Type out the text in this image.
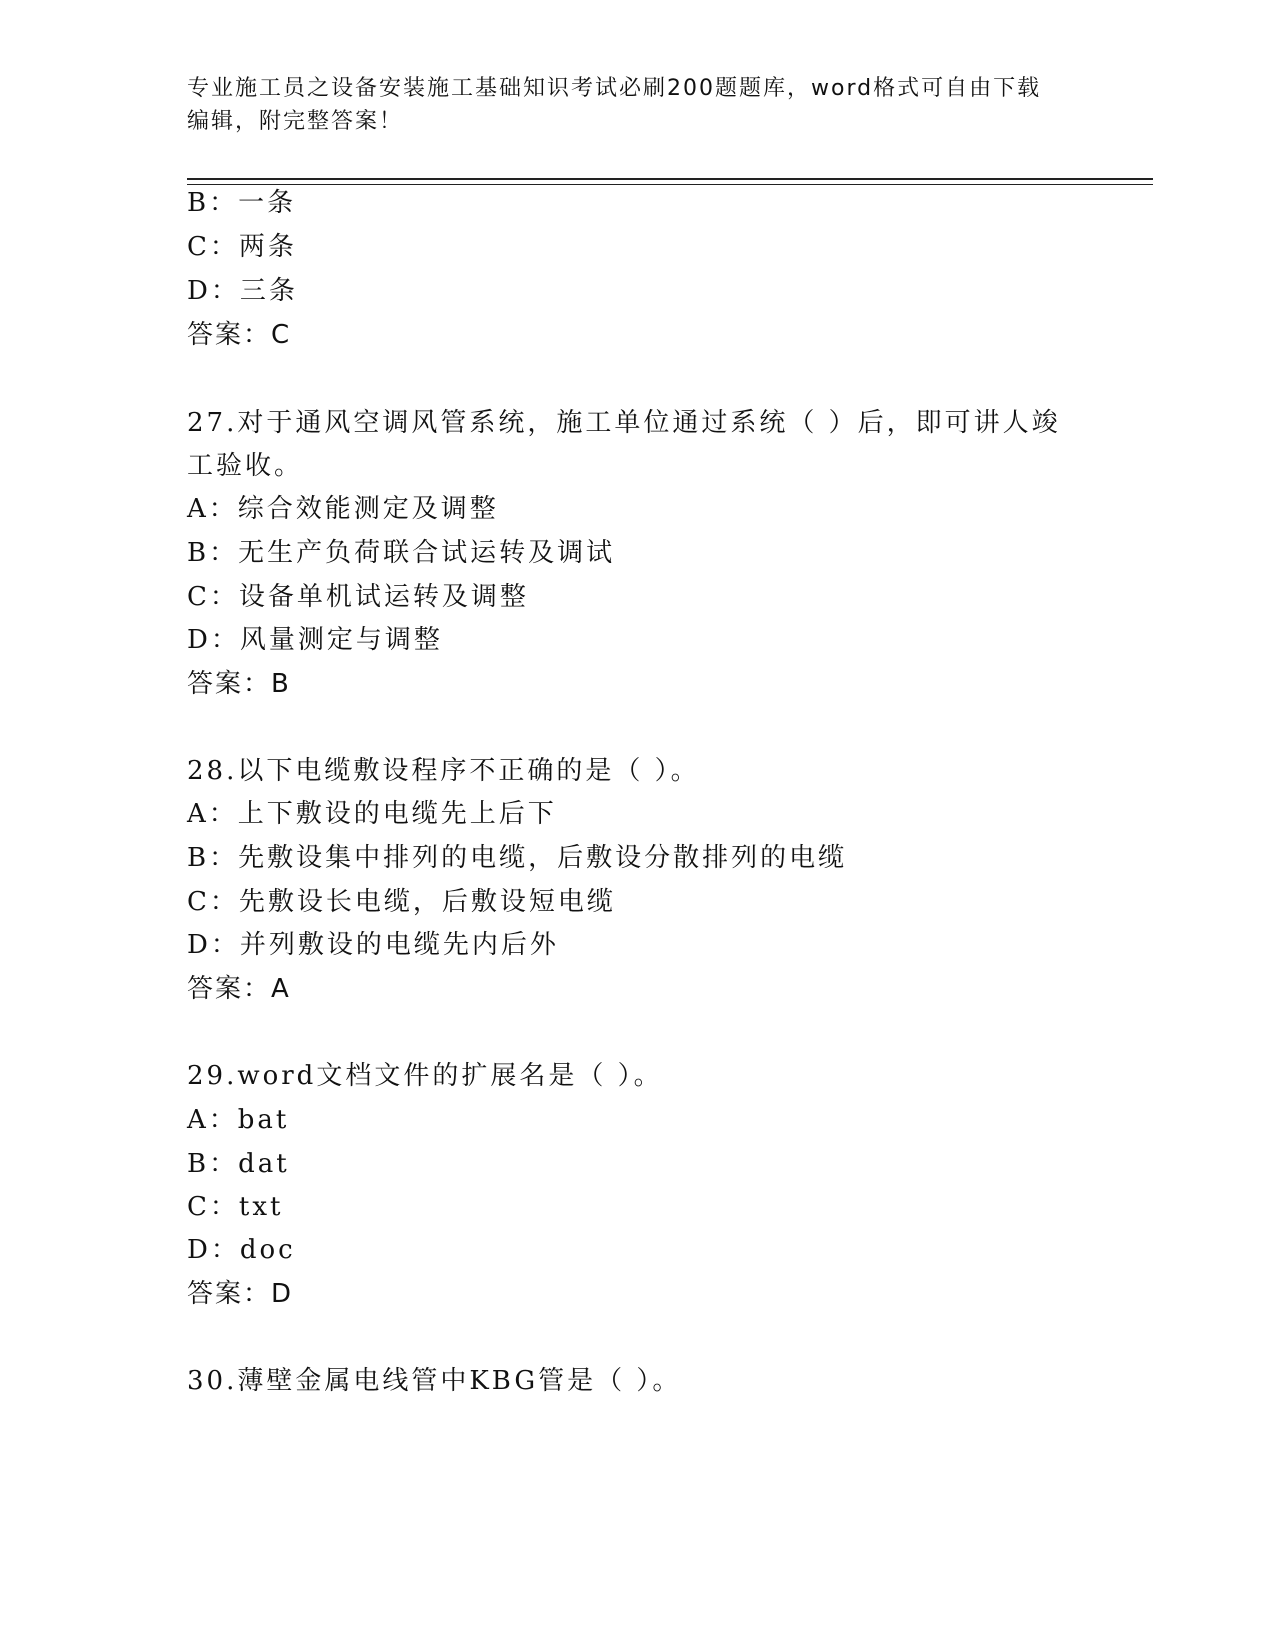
专业施工员之设备安装施工基础知识考试必刷200题题库，word格式可自由下载
编辑，附完整答案！
B：一条
C：两条
D：三条
答案：C
27.对于通风空调风管系统，施工单位通过系统（ ）后，即可讲人竣
工验收。
A：综合效能测定及调整
B：无生产负荷联合试运转及调试
C：设备单机试运转及调整
D：风量测定与调整
答案：B
28.以下电缆敷设程序不正确的是（ ）。
A：上下敷设的电缆先上后下
B：先敷设集中排列的电缆，后敷设分散排列的电缆
C：先敷设长电缆，后敷设短电缆
D：并列敷设的电缆先内后外
答案：A
29.word文档文件的扩展名是（ ）。
A：bat
B：dat
C：txt
D：doc
答案：D
30.薄壁金属电线管中KBG管是（ ）。
